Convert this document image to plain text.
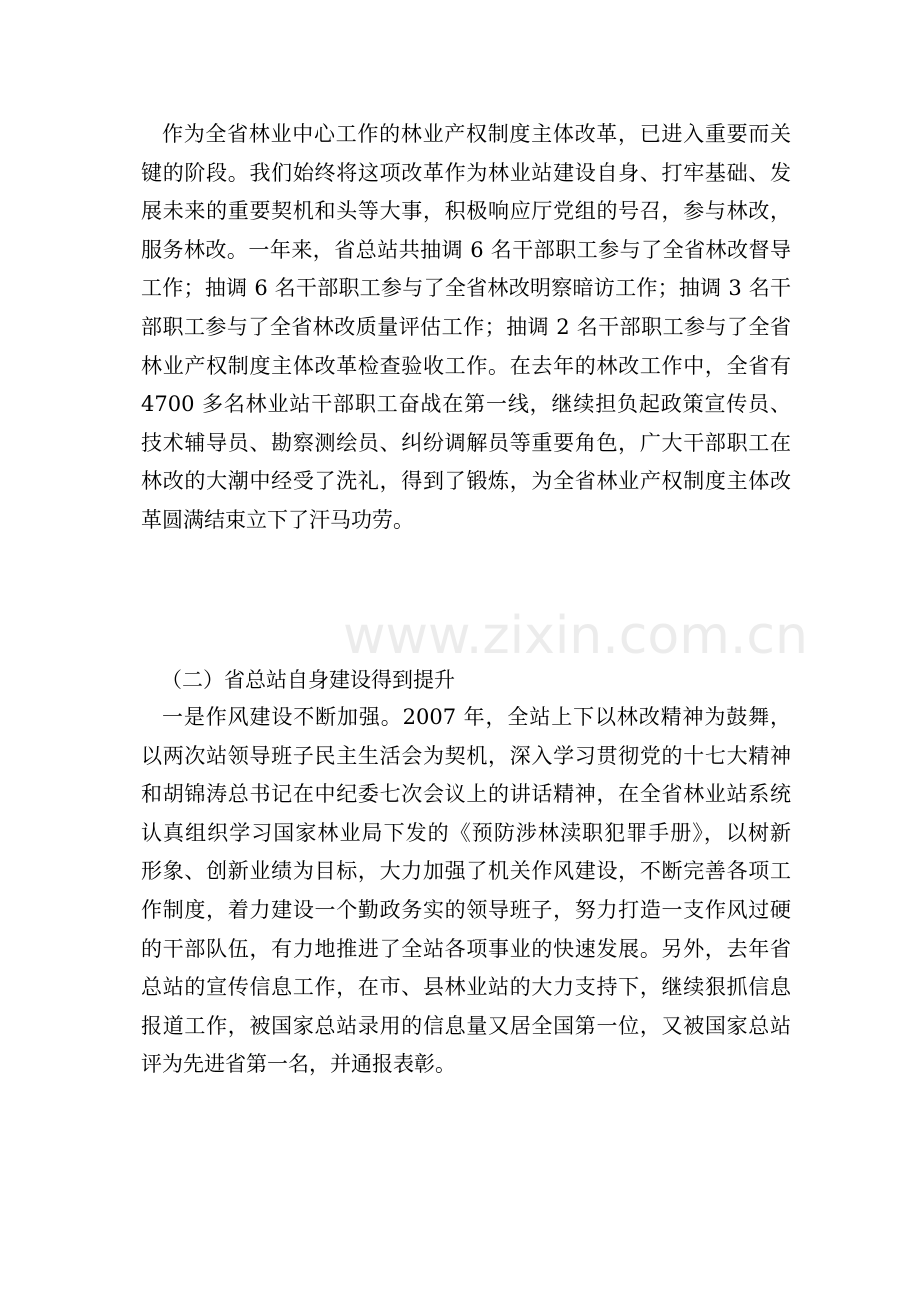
www.zixin.com.cn
作为全省林业中心工作的林业产权制度主体改革，已进入重要而关
键的阶段。我们始终将这项改革作为林业站建设自身、打牢基础、发
展未来的重要契机和头等大事，积极响应厅党组的号召，参与林改，
服务林改。一年来，省总站共抽调 6 名干部职工参与了全省林改督导
工作；抽调 6 名干部职工参与了全省林改明察暗访工作；抽调 3 名干
部职工参与了全省林改质量评估工作；抽调 2 名干部职工参与了全省
林业产权制度主体改革检查验收工作。在去年的林改工作中，全省有
4700 多名林业站干部职工奋战在第一线，继续担负起政策宣传员、
技术辅导员、勘察测绘员、纠纷调解员等重要角色，广大干部职工在
林改的大潮中经受了洗礼，得到了锻炼，为全省林业产权制度主体改
革圆满结束立下了汗马功劳。
（二）省总站自身建设得到提升
一是作风建设不断加强。2007 年，全站上下以林改精神为鼓舞，
以两次站领导班子民主生活会为契机，深入学习贯彻党的十七大精神
和胡锦涛总书记在中纪委七次会议上的讲话精神，在全省林业站系统
认真组织学习国家林业局下发的《预防涉林渎职犯罪手册》，以树新
形象、创新业绩为目标，大力加强了机关作风建设，不断完善各项工
作制度，着力建设一个勤政务实的领导班子，努力打造一支作风过硬
的干部队伍，有力地推进了全站各项事业的快速发展。另外，去年省
总站的宣传信息工作，在市、县林业站的大力支持下，继续狠抓信息
报道工作，被国家总站录用的信息量又居全国第一位，又被国家总站
评为先进省第一名，并通报表彰。
